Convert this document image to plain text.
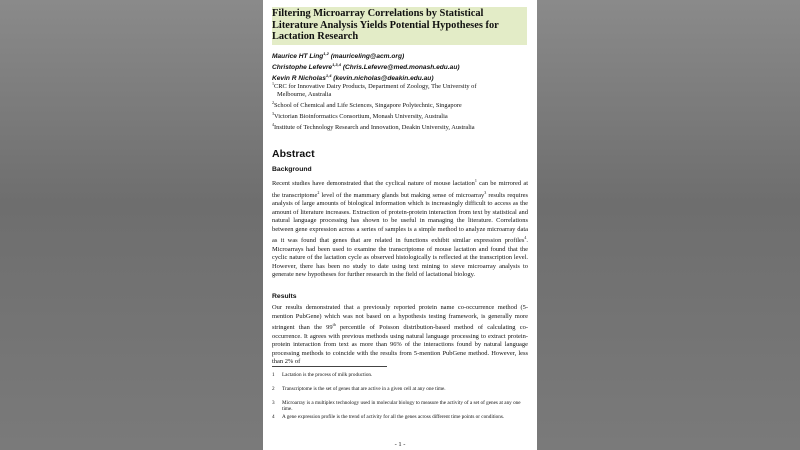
Filtering Microarray Correlations by Statistical Literature Analysis Yields Potential Hypotheses for Lactation Research
Maurice HT Ling$^{1,2}$ (mauriceling@acm.org)
Christophe Lefevre$^{1,3,4}$ (Chris.Lefevre@med.monash.edu.au)
Kevin R Nicholas$^{1,4}$ (kevin.nicholas@deakin.edu.au)
$^1$CRC for Innovative Dairy Products, Department of Zoology, The University of
Melbourne, Australia
$^2$School of Chemical and Life Sciences, Singapore Polytechnic, Singapore
$^3$Victorian Bioinformatics Consortium, Monash University, Australia
$^4$Institute of Technology Research and Innovation, Deakin University, Australia
Abstract
Background
Recent studies have demonstrated that the cyclical nature of mouse lactation$^1$ can be mirrored at the transcriptome$^2$ level of the mammary glands but making sense of microarray$^3$ results requires analysis of large amounts of biological information which is increasingly difficult to access as the amount of literature increases. Extraction of protein-protein interaction from text by statistical and natural language processing has shown to be useful in managing the literature. Correlations between gene expression across a series of samples is a simple method to analyze microarray data as it was found that genes that are related in functions exhibit similar expression profiles$^4$. Microarrays had been used to examine the transcriptome of mouse lactation and found that the cyclic nature of the lactation cycle as observed histologically is reflected at the transcription level. However, there has been no study to date using text mining to sieve microarray analysis to generate new hypotheses for further research in the field of lactational biology.
Results
Our results demonstrated that a previously reported protein name co-occurrence method (5-mention PubGene) which was not based on a hypothesis testing framework, is generally more stringent than the 99th percentile of Poisson distribution-based method of calculating co-occurrence. It agrees with previous methods using natural language processing to extract protein-protein interaction from text as more than 96% of the interactions found by natural language processing methods to coincide with the results from 5-mention PubGene method. However, less than 2% of
1	Lactation is the process of milk production.
2	Transcriptome is the set of genes that are active in a given cell at any one time.
3	Microarray is a multiplex technology used in molecular biology to measure the activity of a set of genes at any one time.
4	A gene expression profile is the trend of activity for all the genes across different time points or conditions.
- 1 -
